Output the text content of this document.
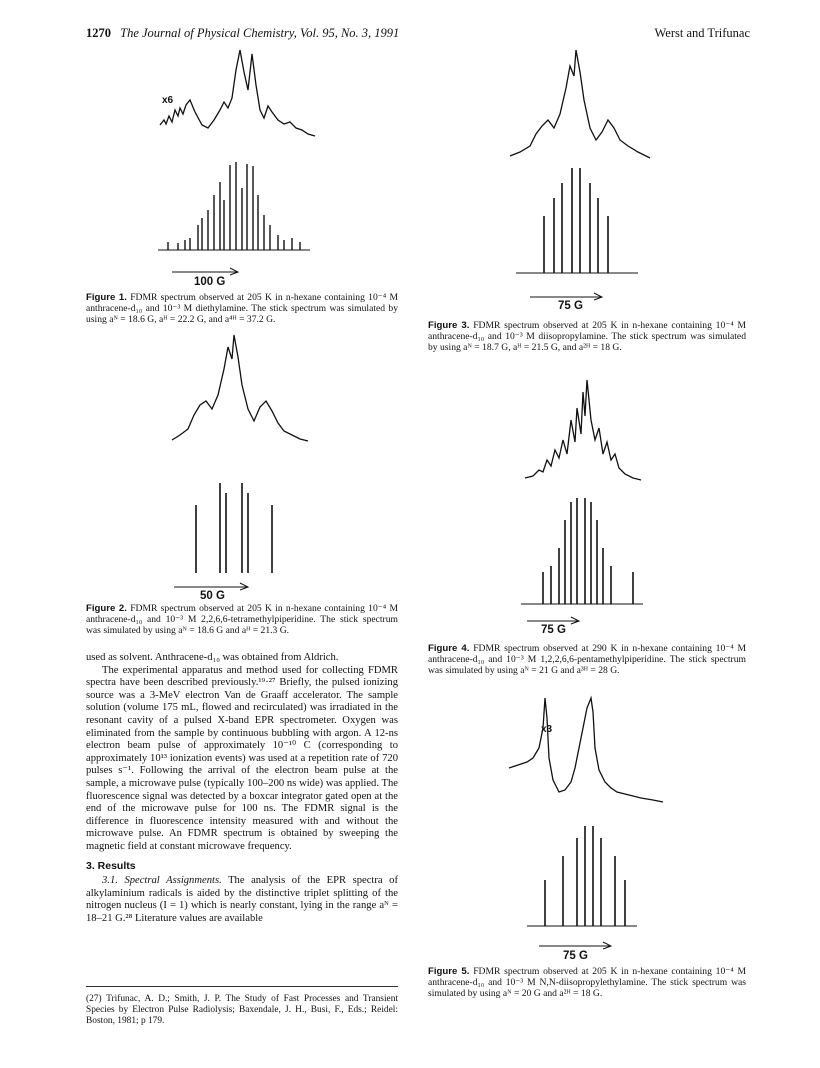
1270 The Journal of Physical Chemistry, Vol. 95, No. 3, 1991	Werst and Trifunac
x6
100 G
Figure 1. FDMR spectrum observed at 205 K in n-hexane containing 10⁻⁴ M anthracene-d₁₀ and 10⁻³ M diethylamine. The stick spectrum was simulated by using aᴺ = 18.6 G, aᴴ = 22.2 G, and a⁴ᴴ = 37.2 G.
50 G
Figure 2. FDMR spectrum observed at 205 K in n-hexane containing 10⁻⁴ M anthracene-d₁₀ and 10⁻³ M 2,2,6,6-tetramethylpiperidine. The stick spectrum was simulated by using aᴺ = 18.6 G and aᴴ = 21.3 G.

used as solvent. Anthracene-d₁₀ was obtained from Aldrich.

The experimental apparatus and method used for collecting FDMR spectra have been described previously.¹⁹·²⁷ Briefly, the pulsed ionizing source was a 3-MeV electron Van de Graaff accelerator. The sample solution (volume 175 mL, flowed and recirculated) was irradiated in the resonant cavity of a pulsed X-band EPR spectrometer. Oxygen was eliminated from the sample by continuous bubbling with argon. A 12-ns electron beam pulse of approximately 10⁻¹⁰ C (corresponding to approximately 10¹³ ionization events) was used at a repetition rate of 720 pulses s⁻¹. Following the arrival of the electron beam pulse at the sample, a microwave pulse (typically 100–200 ns wide) was applied. The fluorescence signal was detected by a boxcar integrator gated open at the end of the microwave pulse for 100 ns. The FDMR signal is the difference in fluorescence intensity measured with and without the microwave pulse. An FDMR spectrum is obtained by sweeping the magnetic field at constant microwave frequency.

3. Results

3.1. Spectral Assignments. The analysis of the EPR spectra of alkylaminium radicals is aided by the distinctive triplet splitting of the nitrogen nucleus (I = 1) which is nearly constant, lying in the range aᴺ = 18–21 G.²⁸ Literature values are available

(27) Trifunac, A. D.; Smith, J. P. The Study of Fast Processes and Transient Species by Electron Pulse Radiolysis; Baxendale, J. H., Busi, F., Eds.; Reidel: Boston, 1981; p 179.
75 G
Figure 3. FDMR spectrum observed at 205 K in n-hexane containing 10⁻⁴ M anthracene-d₁₀ and 10⁻³ M diisopropylamine. The stick spectrum was simulated by using aᴺ = 18.7 G, aᴴ = 21.5 G, and a²ᴴ = 18 G.
75 G
Figure 4. FDMR spectrum observed at 290 K in n-hexane containing 10⁻⁴ M anthracene-d₁₀ and 10⁻³ M 1,2,2,6,6-pentamethylpiperidine. The stick spectrum was simulated by using aᴺ = 21 G and a³ᴴ = 28 G.
x3
75 G
Figure 5. FDMR spectrum observed at 205 K in n-hexane containing 10⁻⁴ M anthracene-d₁₀ and 10⁻³ M N,N-diisopropylethylamine. The stick spectrum was simulated by using aᴺ = 20 G and a²ᴴ = 18 G.
